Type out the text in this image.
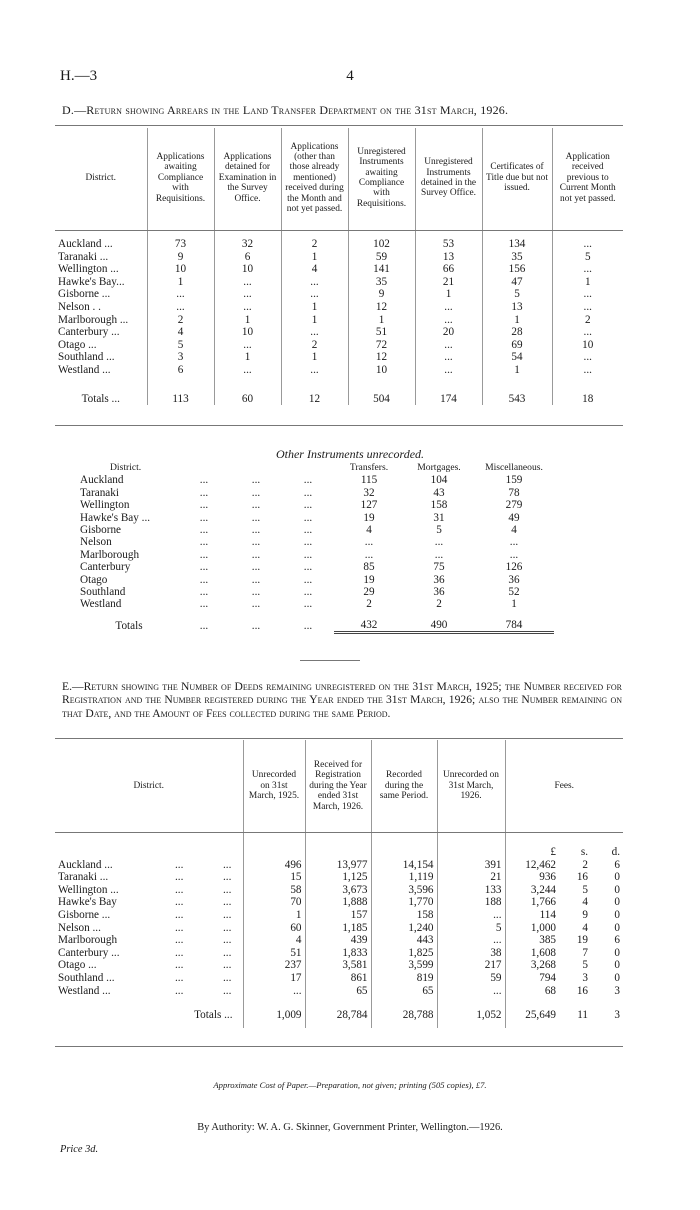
H.—3	4
D.—Return showing Arrears in the Land Transfer Department on the 31st March, 1926.
District.	Applications awaiting Compliance with Requisitions.	Applications detained for Examination in the Survey Office.	Applications (other than those already mentioned) received during the Month and not yet passed.	Unregistered Instruments awaiting Compliance with Requisitions.	Unregistered Instruments detained in the Survey Office.	Certificates of Title due but not issued.	Application received previous to Current Month not yet passed.

Auckland ...	73	32	2	102	53	134	...
Taranaki ...	9	6	1	59	13	35	5
Wellington ...	10	10	4	141	66	156	...
Hawke's Bay...	1	...	...	35	21	47	1
Gisborne ...	...	...	...	9	1	5	...
Nelson . .	...	...	1	12	...	13	...
Marlborough ...	2	1	1	1	...	1	2
Canterbury ...	4	10	...	51	20	28	...
Otago ...	5	...	2	72	...	69	10
Southland ...	3	1	1	12	...	54	...
Westland ...	6	...	...	10	...	1	...

Totals ...	113	60	12	504	174	543	18
Other Instruments unrecorded.
District.				Transfers.	Mortgages.	Miscellaneous.	
Auckland	...	...	...	115	104	159	
Taranaki	...	...	...	32	43	78	
Wellington	...	...	...	127	158	279	
Hawke's Bay ...	...	...	...	19	31	49	
Gisborne	...	...	...	4	5	4	
Nelson	...	...	...	...	...	...	
Marlborough	...	...	...	...	...	...	
Canterbury	...	...	...	85	75	126	
Otago	...	...	...	19	36	36	
Southland	...	...	...	29	36	52	
Westland	...	...	...	2	2	1	

Totals	...	...	...	432	490	784	
E.—Return showing the Number of Deeds remaining unregistered on the 31st March, 1925; the Number received for Registration and the Number registered during the Year ended the 31st March, 1926; also the Number remaining on that Date, and the Amount of Fees collected during the same Period.
District.	Unrecorded on 31st March, 1925.	Received for Registration during the Year ended 31st March, 1926.	Recorded during the same Period.	Unrecorded on 31st March, 1926.	Fees.		

					£	s.	d.
Auckland ... ... ...	496	13,977	14,154	391	12,462	2	6
Taranaki ... ... ...	15	1,125	1,119	21	936	16	0
Wellington ... ... ...	58	3,673	3,596	133	3,244	5	0
Hawke's Bay ... ...	70	1,888	1,770	188	1,766	4	0
Gisborne ... ... ...	1	157	158	...	114	9	0
Nelson ... ... ...	60	1,185	1,240	5	1,000	4	0
Marlborough ... ...	4	439	443	...	385	19	6
Canterbury ... ... ...	51	1,833	1,825	38	1,608	7	0
Otago ... ... ...	237	3,581	3,599	217	3,268	5	0
Southland ... ... ...	17	861	819	59	794	3	0
Westland ... ... ...	...	65	65	...	68	16	3

Totals ...	1,009	28,784	28,788	1,052	25,649	11	3

Approximate Cost of Paper.—Preparation, not given; printing (505 copies), £7.
By Authority: W. A. G. Skinner, Government Printer, Wellington.—1926.
Price 3d.
